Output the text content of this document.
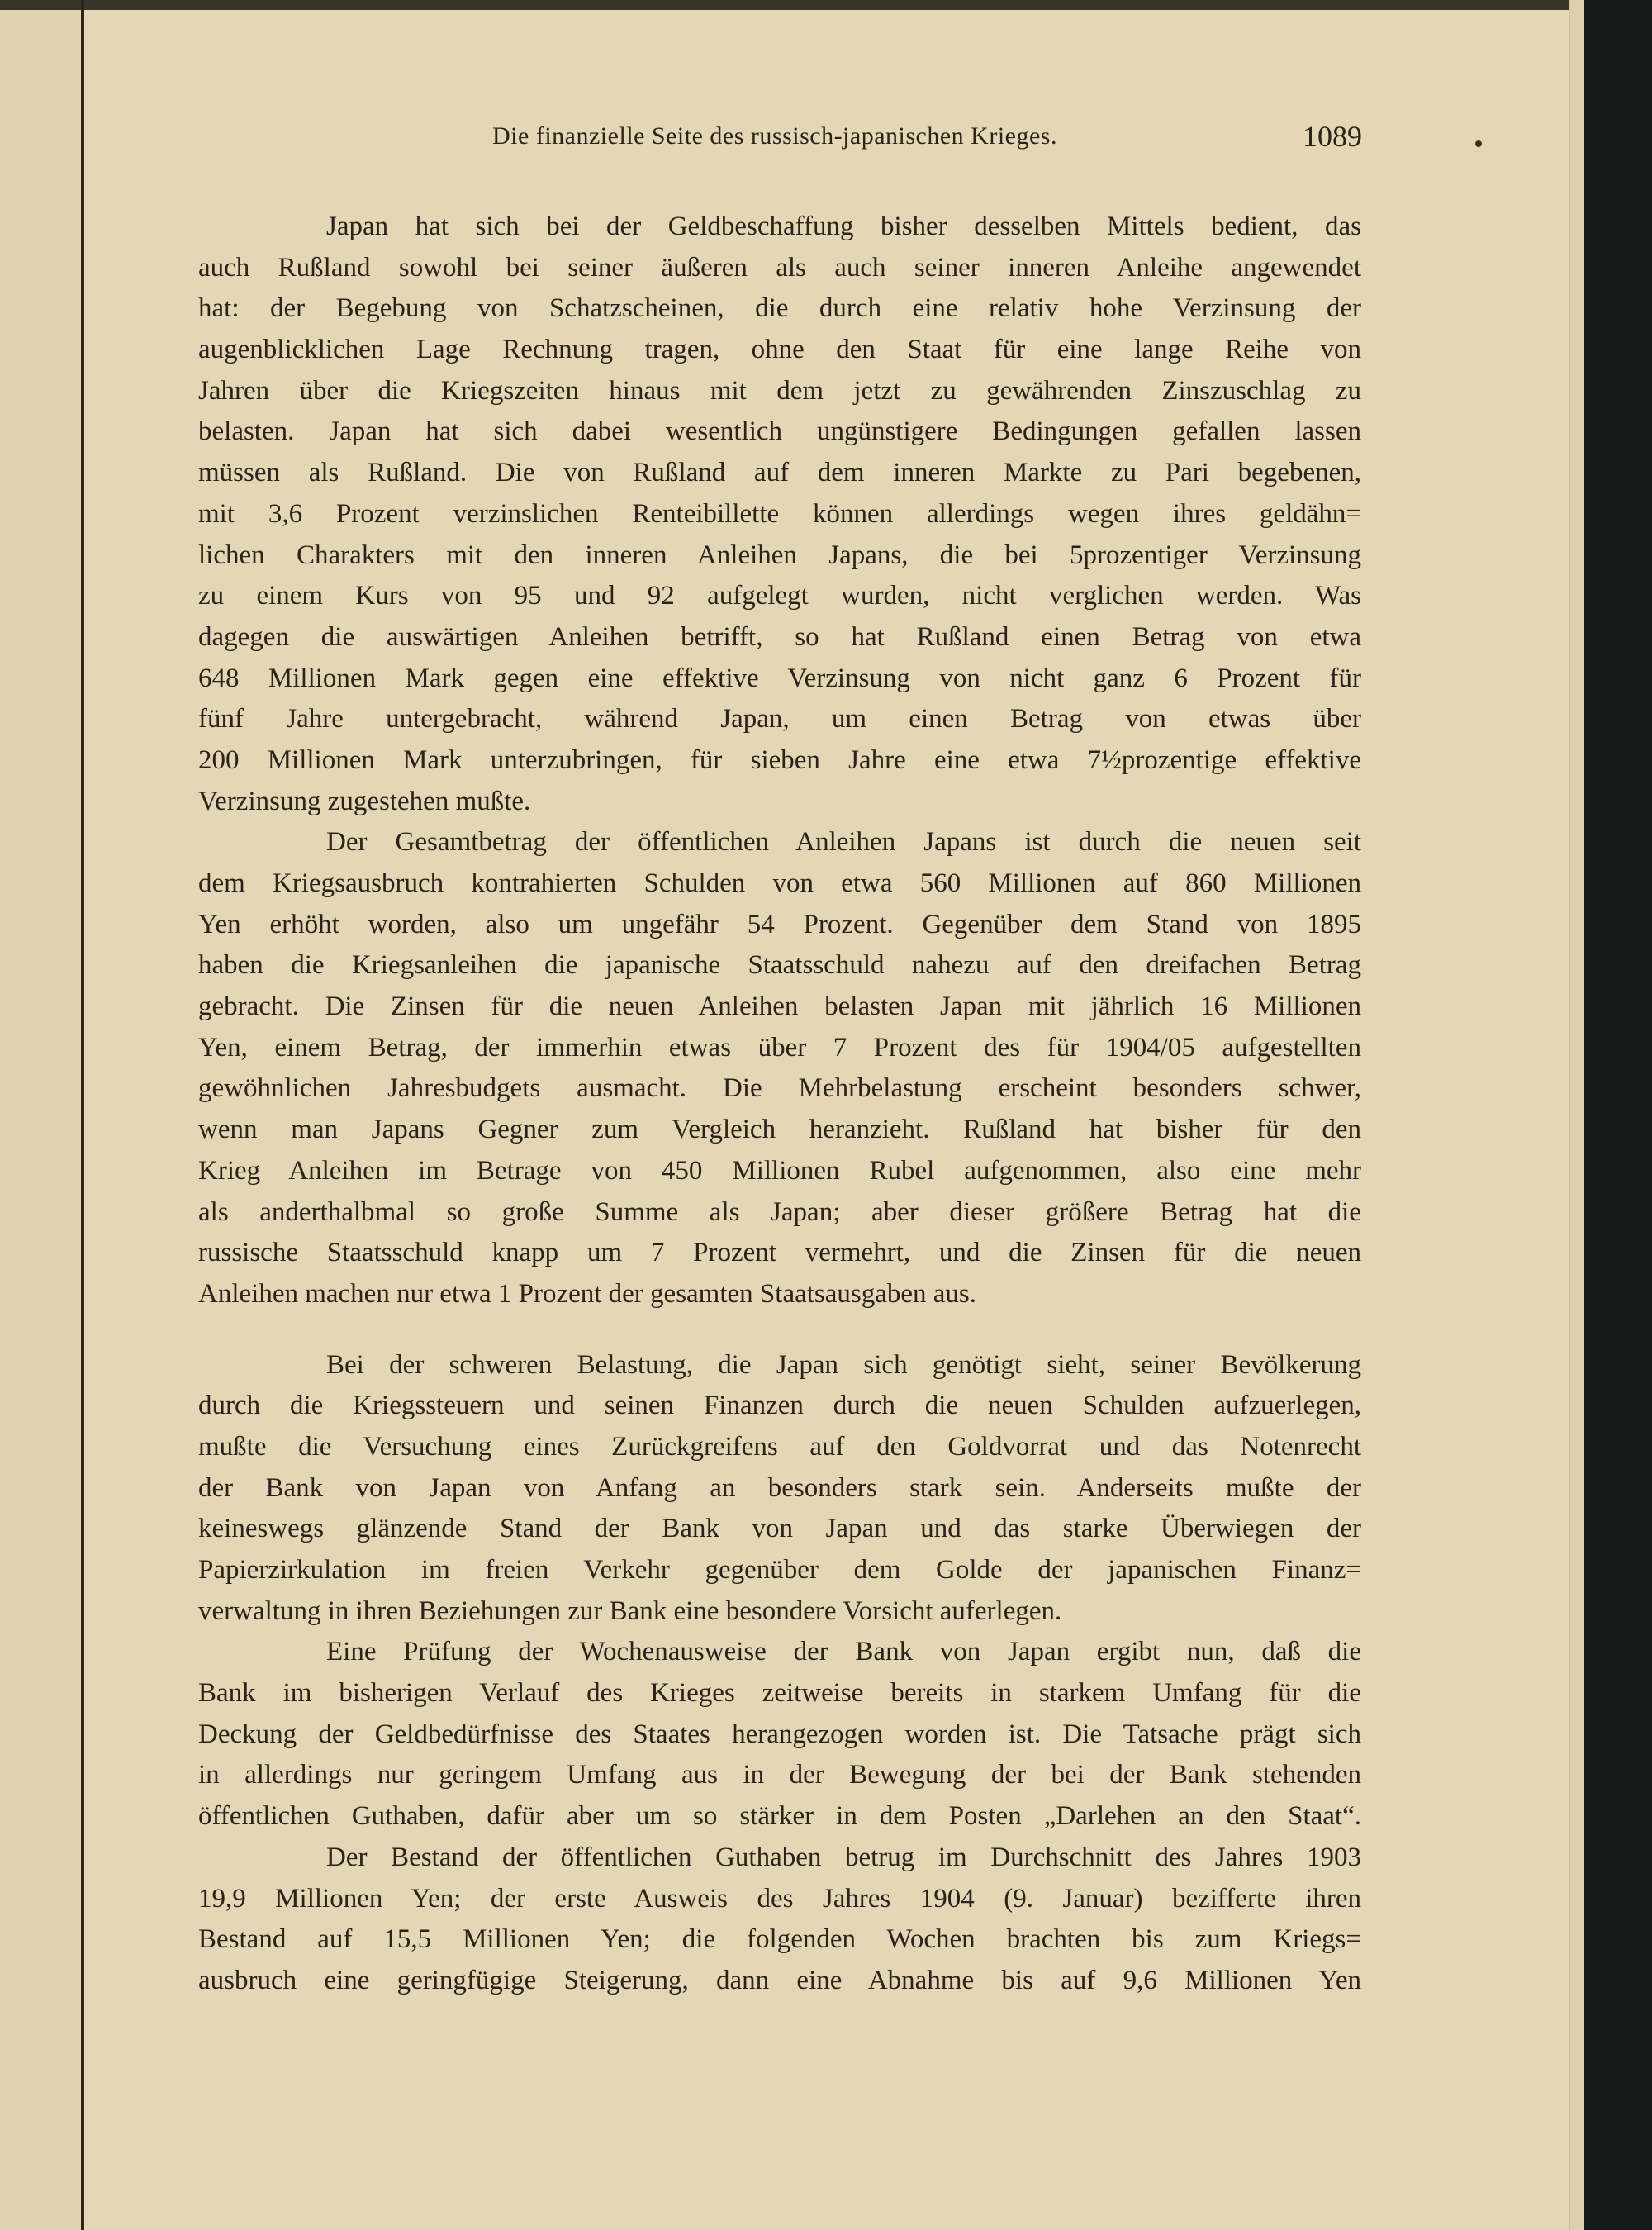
Die finanzielle Seite des russisch-japanischen Krieges.	1089
Japan hat sich bei der Geldbeschaffung bisher desselben Mittels bedient, das
auch Rußland sowohl bei seiner äußeren als auch seiner inneren Anleihe angewendet
hat: der Begebung von Schatzscheinen, die durch eine relativ hohe Verzinsung der
augenblicklichen Lage Rechnung tragen, ohne den Staat für eine lange Reihe von
Jahren über die Kriegszeiten hinaus mit dem jetzt zu gewährenden Zinszuschlag zu
belasten. Japan hat sich dabei wesentlich ungünstigere Bedingungen gefallen lassen
müssen als Rußland. Die von Rußland auf dem inneren Markte zu Pari begebenen,
mit 3,6 Prozent verzinslichen Renteibillette können allerdings wegen ihres geldähn=
lichen Charakters mit den inneren Anleihen Japans, die bei 5prozentiger Verzinsung
zu einem Kurs von 95 und 92 aufgelegt wurden, nicht verglichen werden. Was
dagegen die auswärtigen Anleihen betrifft, so hat Rußland einen Betrag von etwa
648 Millionen Mark gegen eine effektive Verzinsung von nicht ganz 6 Prozent für
fünf Jahre untergebracht, während Japan, um einen Betrag von etwas über
200 Millionen Mark unterzubringen, für sieben Jahre eine etwa 7½prozentige effektive
Verzinsung zugestehen mußte.
Der Gesamtbetrag der öffentlichen Anleihen Japans ist durch die neuen seit
dem Kriegsausbruch kontrahierten Schulden von etwa 560 Millionen auf 860 Millionen
Yen erhöht worden, also um ungefähr 54 Prozent. Gegenüber dem Stand von 1895
haben die Kriegsanleihen die japanische Staatsschuld nahezu auf den dreifachen Betrag
gebracht. Die Zinsen für die neuen Anleihen belasten Japan mit jährlich 16 Millionen
Yen, einem Betrag, der immerhin etwas über 7 Prozent des für 1904/05 aufgestellten
gewöhnlichen Jahresbudgets ausmacht. Die Mehrbelastung erscheint besonders schwer,
wenn man Japans Gegner zum Vergleich heranzieht. Rußland hat bisher für den
Krieg Anleihen im Betrage von 450 Millionen Rubel aufgenommen, also eine mehr
als anderthalbmal so große Summe als Japan; aber dieser größere Betrag hat die
russische Staatsschuld knapp um 7 Prozent vermehrt, und die Zinsen für die neuen
Anleihen machen nur etwa 1 Prozent der gesamten Staatsausgaben aus.
Bei der schweren Belastung, die Japan sich genötigt sieht, seiner Bevölkerung
durch die Kriegssteuern und seinen Finanzen durch die neuen Schulden aufzuerlegen,
mußte die Versuchung eines Zurückgreifens auf den Goldvorrat und das Notenrecht
der Bank von Japan von Anfang an besonders stark sein. Anderseits mußte der
keineswegs glänzende Stand der Bank von Japan und das starke Überwiegen der
Papierzirkulation im freien Verkehr gegenüber dem Golde der japanischen Finanz=
verwaltung in ihren Beziehungen zur Bank eine besondere Vorsicht auferlegen.
Eine Prüfung der Wochenausweise der Bank von Japan ergibt nun, daß die
Bank im bisherigen Verlauf des Krieges zeitweise bereits in starkem Umfang für die
Deckung der Geldbedürfnisse des Staates herangezogen worden ist. Die Tatsache prägt sich
in allerdings nur geringem Umfang aus in der Bewegung der bei der Bank stehenden
öffentlichen Guthaben, dafür aber um so stärker in dem Posten „Darlehen an den Staat“.
Der Bestand der öffentlichen Guthaben betrug im Durchschnitt des Jahres 1903
19,9 Millionen Yen; der erste Ausweis des Jahres 1904 (9. Januar) bezifferte ihren
Bestand auf 15,5 Millionen Yen; die folgenden Wochen brachten bis zum Kriegs=
ausbruch eine geringfügige Steigerung, dann eine Abnahme bis auf 9,6 Millionen Yen
